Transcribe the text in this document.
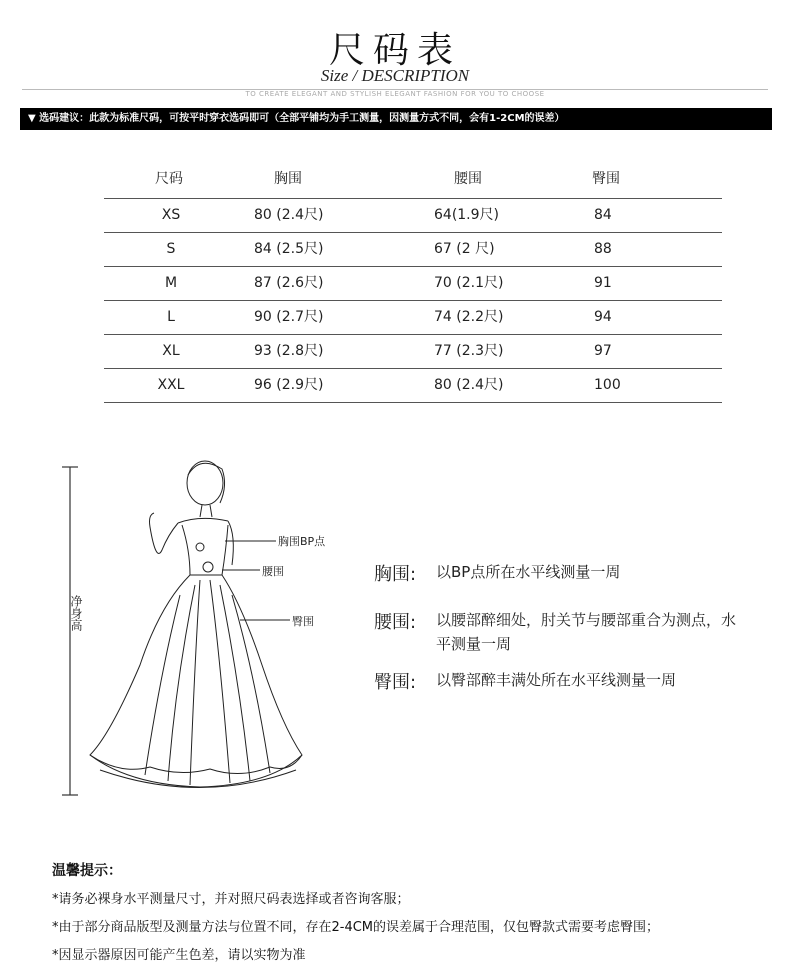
尺码表
Size / DESCRIPTION
TO CREATE ELEGANT AND STYLISH ELEGANT FASHION FOR YOU TO CHOOSE
▼ 选码建议：此款为标准尺码，可按平时穿衣选码即可（全部平铺均为手工测量，因测量方式不同，会有1-2CM的误差）
尺码	胸围	腰围	臀围
XS	80 (2.4尺)	64(1.9尺)	84
S	84 (2.5尺)	67 (2 尺)	88
M	87 (2.6尺)	70 (2.1尺)	91
L	90 (2.7尺)	74 (2.2尺)	94
XL	93 (2.8尺)	77 (2.3尺)	97
XXL	96 (2.9尺)	80 (2.4尺)	100
净身高
胸围BP点
腰围
臀围
胸围: 以BP点所在水平线测量一周
腰围: 以腰部醉细处，肘关节与腰部重合为测点，水平测量一周
臀围: 以臀部醉丰满处所在水平线测量一周
温馨提示：
*请务必裸身水平测量尺寸，并对照尺码表选择或者咨询客服；
*由于部分商品版型及测量方法与位置不同，存在2-4CM的误差属于合理范围，仅包臀款式需要考虑臀围；
*因显示器原因可能产生色差，请以实物为准
